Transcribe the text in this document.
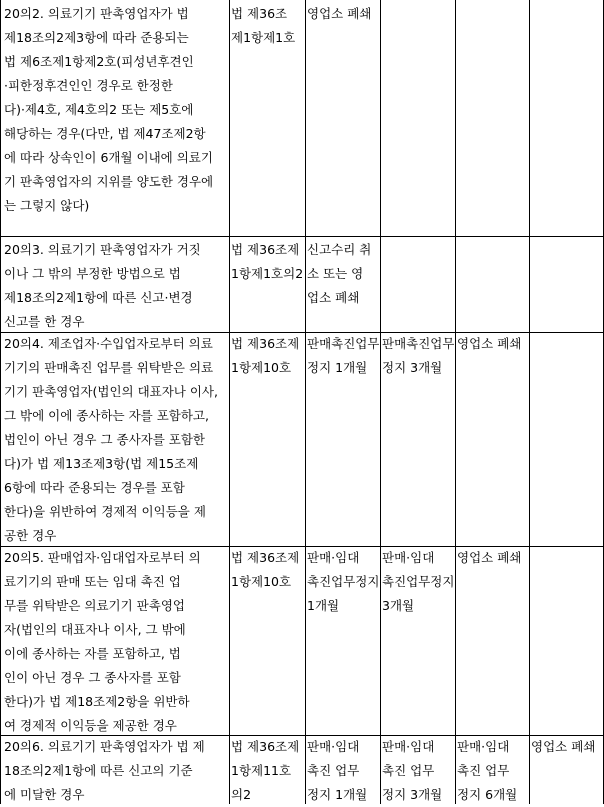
20의2. 의료기기 판촉영업자가 법
제18조의2제3항에 따라 준용되는
법 제6조제1항제2호(피성년후견인
·피한정후견인인 경우로 한정한
다)·제4호, 제4호의2 또는 제5호에
해당하는 경우(다만, 법 제47조제2항
에 따라 상속인이 6개월 이내에 의료기
기 판촉영업자의 지위를 양도한 경우에
는 그렇지 않다)
법 제36조
제1항제1호
영업소 폐쇄
20의3. 의료기기 판촉영업자가 거짓
이나 그 밖의 부정한 방법으로 법
제18조의2제1항에 따른 신고·변경
신고를 한 경우
법 제36조제
1항제1호의2
신고수리 취
소 또는 영
업소 폐쇄
20의4. 제조업자·수입업자로부터 의료
기기의 판매촉진 업무를 위탁받은 의료
기기 판촉영업자(법인의 대표자나 이사,
그 밖에 이에 종사하는 자를 포함하고,
법인이 아닌 경우 그 종사자를 포함한
다)가 법 제13조제3항(법 제15조제
6항에 따라 준용되는 경우를 포함
한다)을 위반하여 경제적 이익등을 제
공한 경우
법 제36조제
1항제10호
판매촉진업무
정지 1개월
판매촉진업무
정지 3개월
영업소 폐쇄
20의5. 판매업자·임대업자로부터 의
료기기의 판매 또는 임대 촉진 업
무를 위탁받은 의료기기 판촉영업
자(법인의 대표자나 이사, 그 밖에
이에 종사하는 자를 포함하고, 법
인이 아닌 경우 그 종사자를 포함
한다)가 법 제18조제2항을 위반하
여 경제적 이익등을 제공한 경우
법 제36조제
1항제10호
판매·임대
촉진업무정지
1개월
판매·임대
촉진업무정지
3개월
영업소 폐쇄
20의6. 의료기기 판촉영업자가 법 제
18조의2제1항에 따른 신고의 기준
에 미달한 경우
법 제36조제
1항제11호
의2
판매·임대
촉진 업무
정지 1개월
판매·임대
촉진 업무
정지 3개월
판매·임대
촉진 업무
정지 6개월
영업소 폐쇄
